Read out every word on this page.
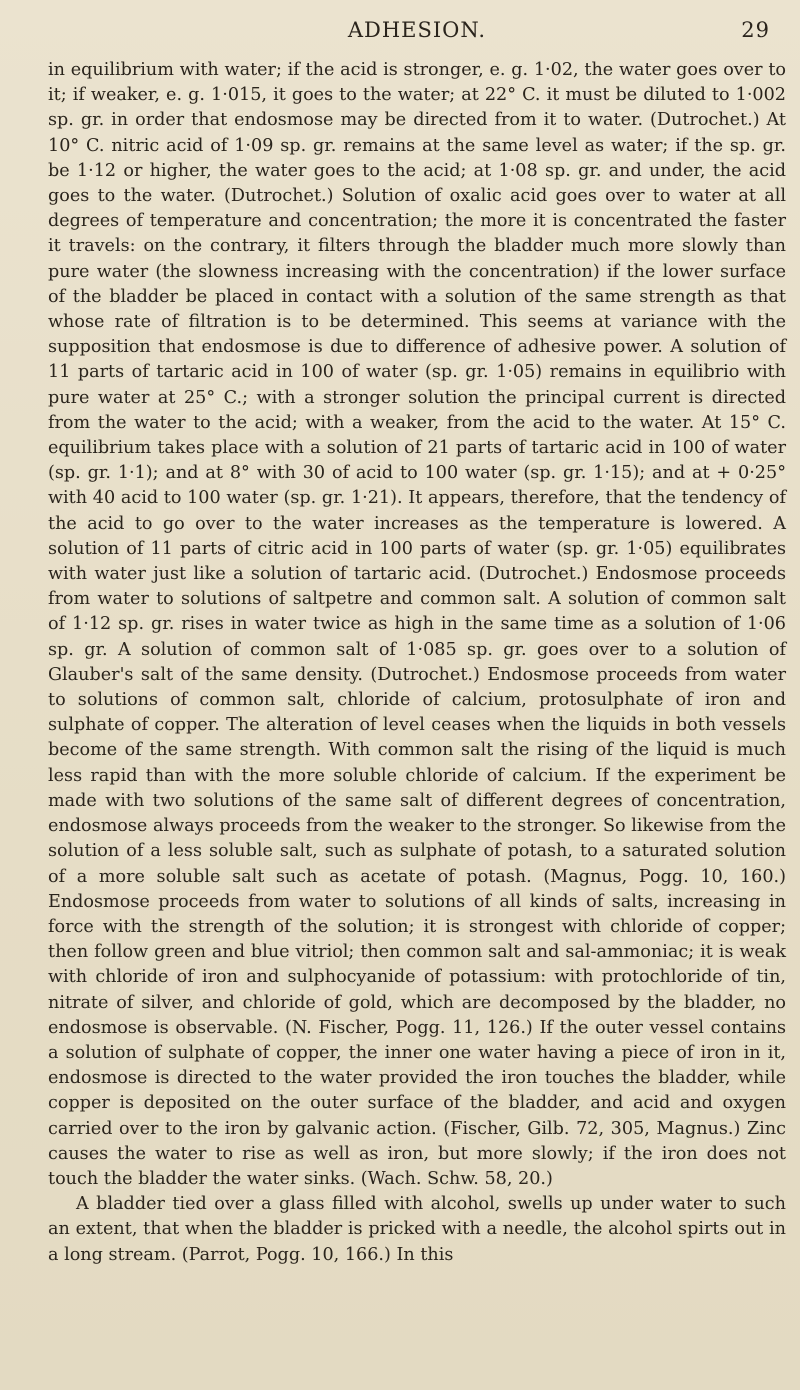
ADHESION.	29

in equilibrium with water; if the acid is stronger, e. g. 1·02, the water goes over to it; if weaker, e. g. 1·015, it goes to the water; at 22° C. it must be diluted to 1·002 sp. gr. in order that endosmose may be directed from it to water. (Dutrochet.) At 10° C. nitric acid of 1·09 sp. gr. remains at the same level as water; if the sp. gr. be 1·12 or higher, the water goes to the acid; at 1·08 sp. gr. and under, the acid goes to the water. (Dutrochet.) Solution of oxalic acid goes over to water at all degrees of temperature and concentration; the more it is concentrated the faster it travels: on the contrary, it filters through the bladder much more slowly than pure water (the slowness increasing with the concentration) if the lower surface of the bladder be placed in contact with a solution of the same strength as that whose rate of filtration is to be determined. This seems at variance with the supposition that endosmose is due to difference of adhesive power. A solution of 11 parts of tartaric acid in 100 of water (sp. gr. 1·05) remains in equilibrio with pure water at 25° C.; with a stronger solution the principal current is directed from the water to the acid; with a weaker, from the acid to the water. At 15° C. equilibrium takes place with a solution of 21 parts of tartaric acid in 100 of water (sp. gr. 1·1); and at 8° with 30 of acid to 100 water (sp. gr. 1·15); and at + 0·25° with 40 acid to 100 water (sp. gr. 1·21). It appears, therefore, that the tendency of the acid to go over to the water increases as the temperature is lowered. A solution of 11 parts of citric acid in 100 parts of water (sp. gr. 1·05) equilibrates with water just like a solution of tartaric acid. (Dutrochet.) Endosmose proceeds from water to solutions of saltpetre and common salt. A solution of common salt of 1·12 sp. gr. rises in water twice as high in the same time as a solution of 1·06 sp. gr. A solution of common salt of 1·085 sp. gr. goes over to a solution of Glauber's salt of the same density. (Dutrochet.) Endosmose proceeds from water to solutions of common salt, chloride of calcium, protosulphate of iron and sulphate of copper. The alteration of level ceases when the liquids in both vessels become of the same strength. With common salt the rising of the liquid is much less rapid than with the more soluble chloride of calcium. If the experiment be made with two solutions of the same salt of different degrees of concentration, endosmose always proceeds from the weaker to the stronger. So likewise from the solution of a less soluble salt, such as sulphate of potash, to a saturated solution of a more soluble salt such as acetate of potash. (Magnus, Pogg. 10, 160.) Endosmose proceeds from water to solutions of all kinds of salts, increasing in force with the strength of the solution; it is strongest with chloride of copper; then follow green and blue vitriol; then common salt and sal-ammoniac; it is weak with chloride of iron and sulphocyanide of potassium: with protochloride of tin, nitrate of silver, and chloride of gold, which are decomposed by the bladder, no endosmose is observable. (N. Fischer, Pogg. 11, 126.) If the outer vessel contains a solution of sulphate of copper, the inner one water having a piece of iron in it, endosmose is directed to the water provided the iron touches the bladder, while copper is deposited on the outer surface of the bladder, and acid and oxygen carried over to the iron by galvanic action. (Fischer, Gilb. 72, 305, Magnus.) Zinc causes the water to rise as well as iron, but more slowly; if the iron does not touch the bladder the water sinks. (Wach. Schw. 58, 20.)

A bladder tied over a glass filled with alcohol, swells up under water to such an extent, that when the bladder is pricked with a needle, the alcohol spirts out in a long stream. (Parrot, Pogg. 10, 166.) In this
